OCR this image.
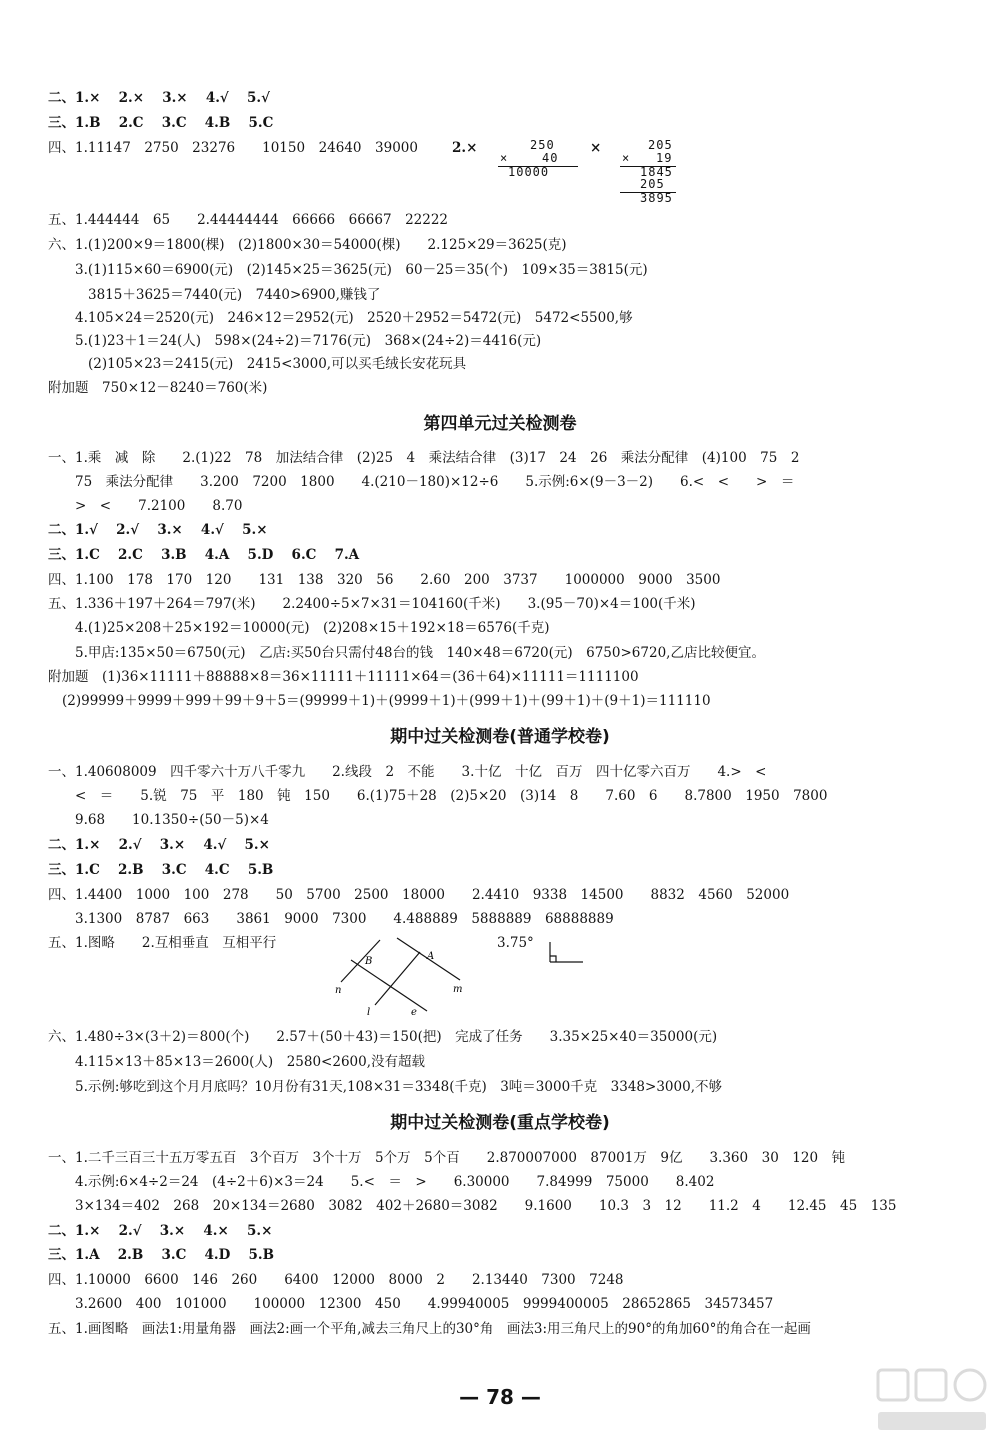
二、1.×　 2.×　 3.×　 4.√　 5.√
三、1.B　 2.C　 3.C　 4.B　 5.C
四、1.11147　2750　23276　　10150　24640　39000	2.×	250
×	40
10000
×	205
× 19
1845
205
3895
五、1.444444　65　　2.44444444　66666　66667　22222
六、1.(1)200×9＝1800(棵)　(2)1800×30＝54000(棵)　　2.125×29＝3625(克)
3.(1)115×60＝6900(元)　(2)145×25＝3625(元)　60－25＝35(个)　109×35＝3815(元)
3815＋3625＝7440(元)　7440>6900,赚钱了
4.105×24＝2520(元)　246×12＝2952(元)　2520＋2952＝5472(元)　5472<5500,够
5.(1)23＋1＝24(人)　598×(24÷2)＝7176(元)　368×(24÷2)＝4416(元)
(2)105×23＝2415(元)　2415<3000,可以买毛绒长安花玩具
附加题　750×12－8240＝760(米)
第四单元过关检测卷
一、1.乘　减　除　　2.(1)22　78　加法结合律　(2)25　4　乘法结合律　(3)17　24　26　乘法分配律　(4)100　75　2
75　乘法分配律　　3.200　7200　1800　　4.(210－180)×12÷6　　5.示例:6×(9－3－2)　　6.<　<　　>　＝
>　<　　7.2100　　8.70
二、1.√　 2.√　 3.×　 4.√　 5.×
三、1.C　 2.C　 3.B　 4.A　 5.D　 6.C　 7.A
四、1.100　178　170　120　　131　138　320　56　　2.60　200　3737　　1000000　9000　3500
五、1.336＋197＋264＝797(米)　　2.2400÷5×7×31＝104160(千米)　　3.(95－70)×4＝100(千米)
4.(1)25×208＋25×192＝10000(元)　(2)208×15＋192×18＝6576(千克)
5.甲店:135×50＝6750(元)　乙店:买50台只需付48台的钱　140×48＝6720(元)　6750>6720,乙店比较便宜。
附加题　(1)36×11111＋88888×8＝36×11111＋11111×64＝(36＋64)×11111＝1111100
(2)99999＋9999＋999＋99＋9＋5＝(99999＋1)＋(9999＋1)＋(999＋1)＋(99＋1)＋(9＋1)＝111110
期中过关检测卷(普通学校卷)
一、1.40608009　四千零六十万八千零九　　2.线段　2　不能　　3.十亿　十亿　百万　四十亿零六百万　　4.>　<
<　＝　　5.锐　75　平　180　钝　150　　6.(1)75＋28　(2)5×20　(3)14　8　　7.60　6　　8.7800　1950　7800
9.68　　10.1350÷(50－5)×4
二、1.×　 2.√　 3.×　 4.√　 5.×
三、1.C　 2.B　 3.C　 4.C　 5.B
四、1.4400　1000　100　278　　50　5700　2500　18000　　2.4410　9338　14500　　8832　4560　52000
3.1300　8787　663　　3861　9000　7300　　4.488889　5888889　68888889
五、1.图略　　2.互相垂直　互相平行
B	A
n
l	e
m
3.75°
六、1.480÷3×(3＋2)＝800(个)　　2.57＋(50＋43)＝150(把)　完成了任务　　3.35×25×40＝35000(元)
4.115×13＋85×13＝2600(人)　2580<2600,没有超载
5.示例:够吃到这个月月底吗？10月份有31天,108×31＝3348(千克)　3吨＝3000千克　3348>3000,不够
期中过关检测卷(重点学校卷)
一、1.二千三百三十五万零五百　3个百万　3个十万　5个万　5个百　　2.870007000　87001万　9亿　　3.360　30　120　钝
4.示例:6×4÷2＝24　(4÷2＋6)×3＝24　　5.<　＝　>　　6.30000　　7.84999　75000　　8.402
3×134＝402　268　20×134＝2680　3082　402＋2680＝3082　　9.1600　　10.3　3　12　　11.2　4　　12.45　45　135
二、1.×　 2.√　 3.×　 4.×　 5.×
三、1.A　 2.B　 3.C　 4.D　 5.B
四、1.10000　6600　146　260　　6400　12000　8000　2　　2.13440　7300　7248
3.2600　400　101000　　100000　12300　450　　4.99940005　9999400005　28652865　34573457
五、1.画图略　画法1:用量角器　画法2:画一个平角,减去三角尺上的30°角　画法3:用三角尺上的90°的角加60°的角合在一起画
— 78 —
